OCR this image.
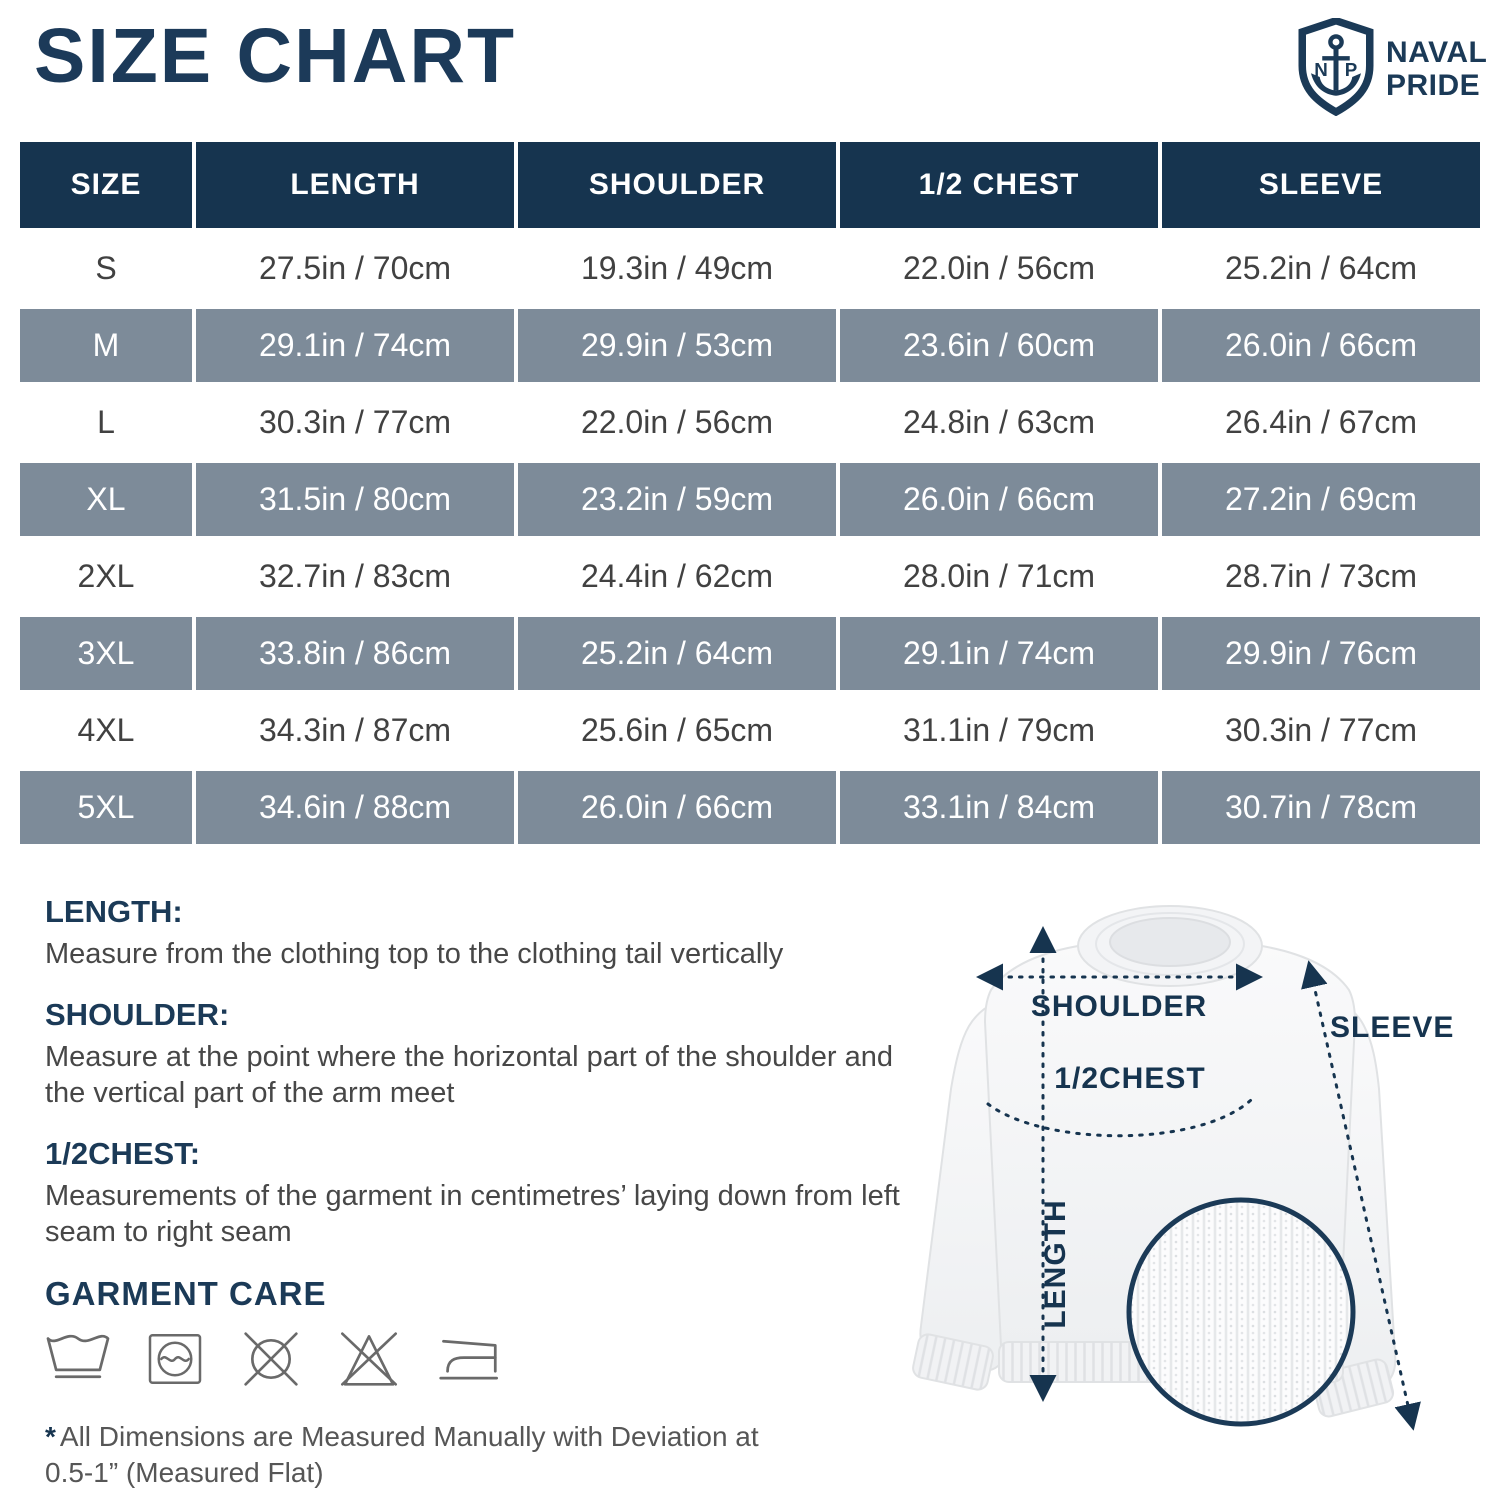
SIZE CHART	N P
NAVAL
PRIDE
SIZE	LENGTH	SHOULDER	1/2 CHEST	SLEEVE
S	27.5in / 70cm	19.3in / 49cm	22.0in / 56cm	25.2in / 64cm
M	29.1in / 74cm	29.9in / 53cm	23.6in / 60cm	26.0in / 66cm
L	30.3in / 77cm	22.0in / 56cm	24.8in / 63cm	26.4in / 67cm
XL	31.5in / 80cm	23.2in / 59cm	26.0in / 66cm	27.2in / 69cm
2XL	32.7in / 83cm	24.4in / 62cm	28.0in / 71cm	28.7in / 73cm
3XL	33.8in / 86cm	25.2in / 64cm	29.1in / 74cm	29.9in / 76cm
4XL	34.3in / 87cm	25.6in / 65cm	31.1in / 79cm	30.3in / 77cm
5XL	34.6in / 88cm	26.0in / 66cm	33.1in / 84cm	30.7in / 78cm
LENGTH:
Measure from the clothing top to the clothing tail vertically
SHOULDER:
Measure at the point where the horizontal part of the shoulder and the vertical part of the arm meet
1/2CHEST:
Measurements of the garment in centimetres’ laying down from left seam to right seam
GARMENT CARE
* All Dimensions are Measured Manually with Deviation at 0.5-1” (Measured Flat)
SHOULDER
1/2CHEST
LENGTH
SLEEVE
